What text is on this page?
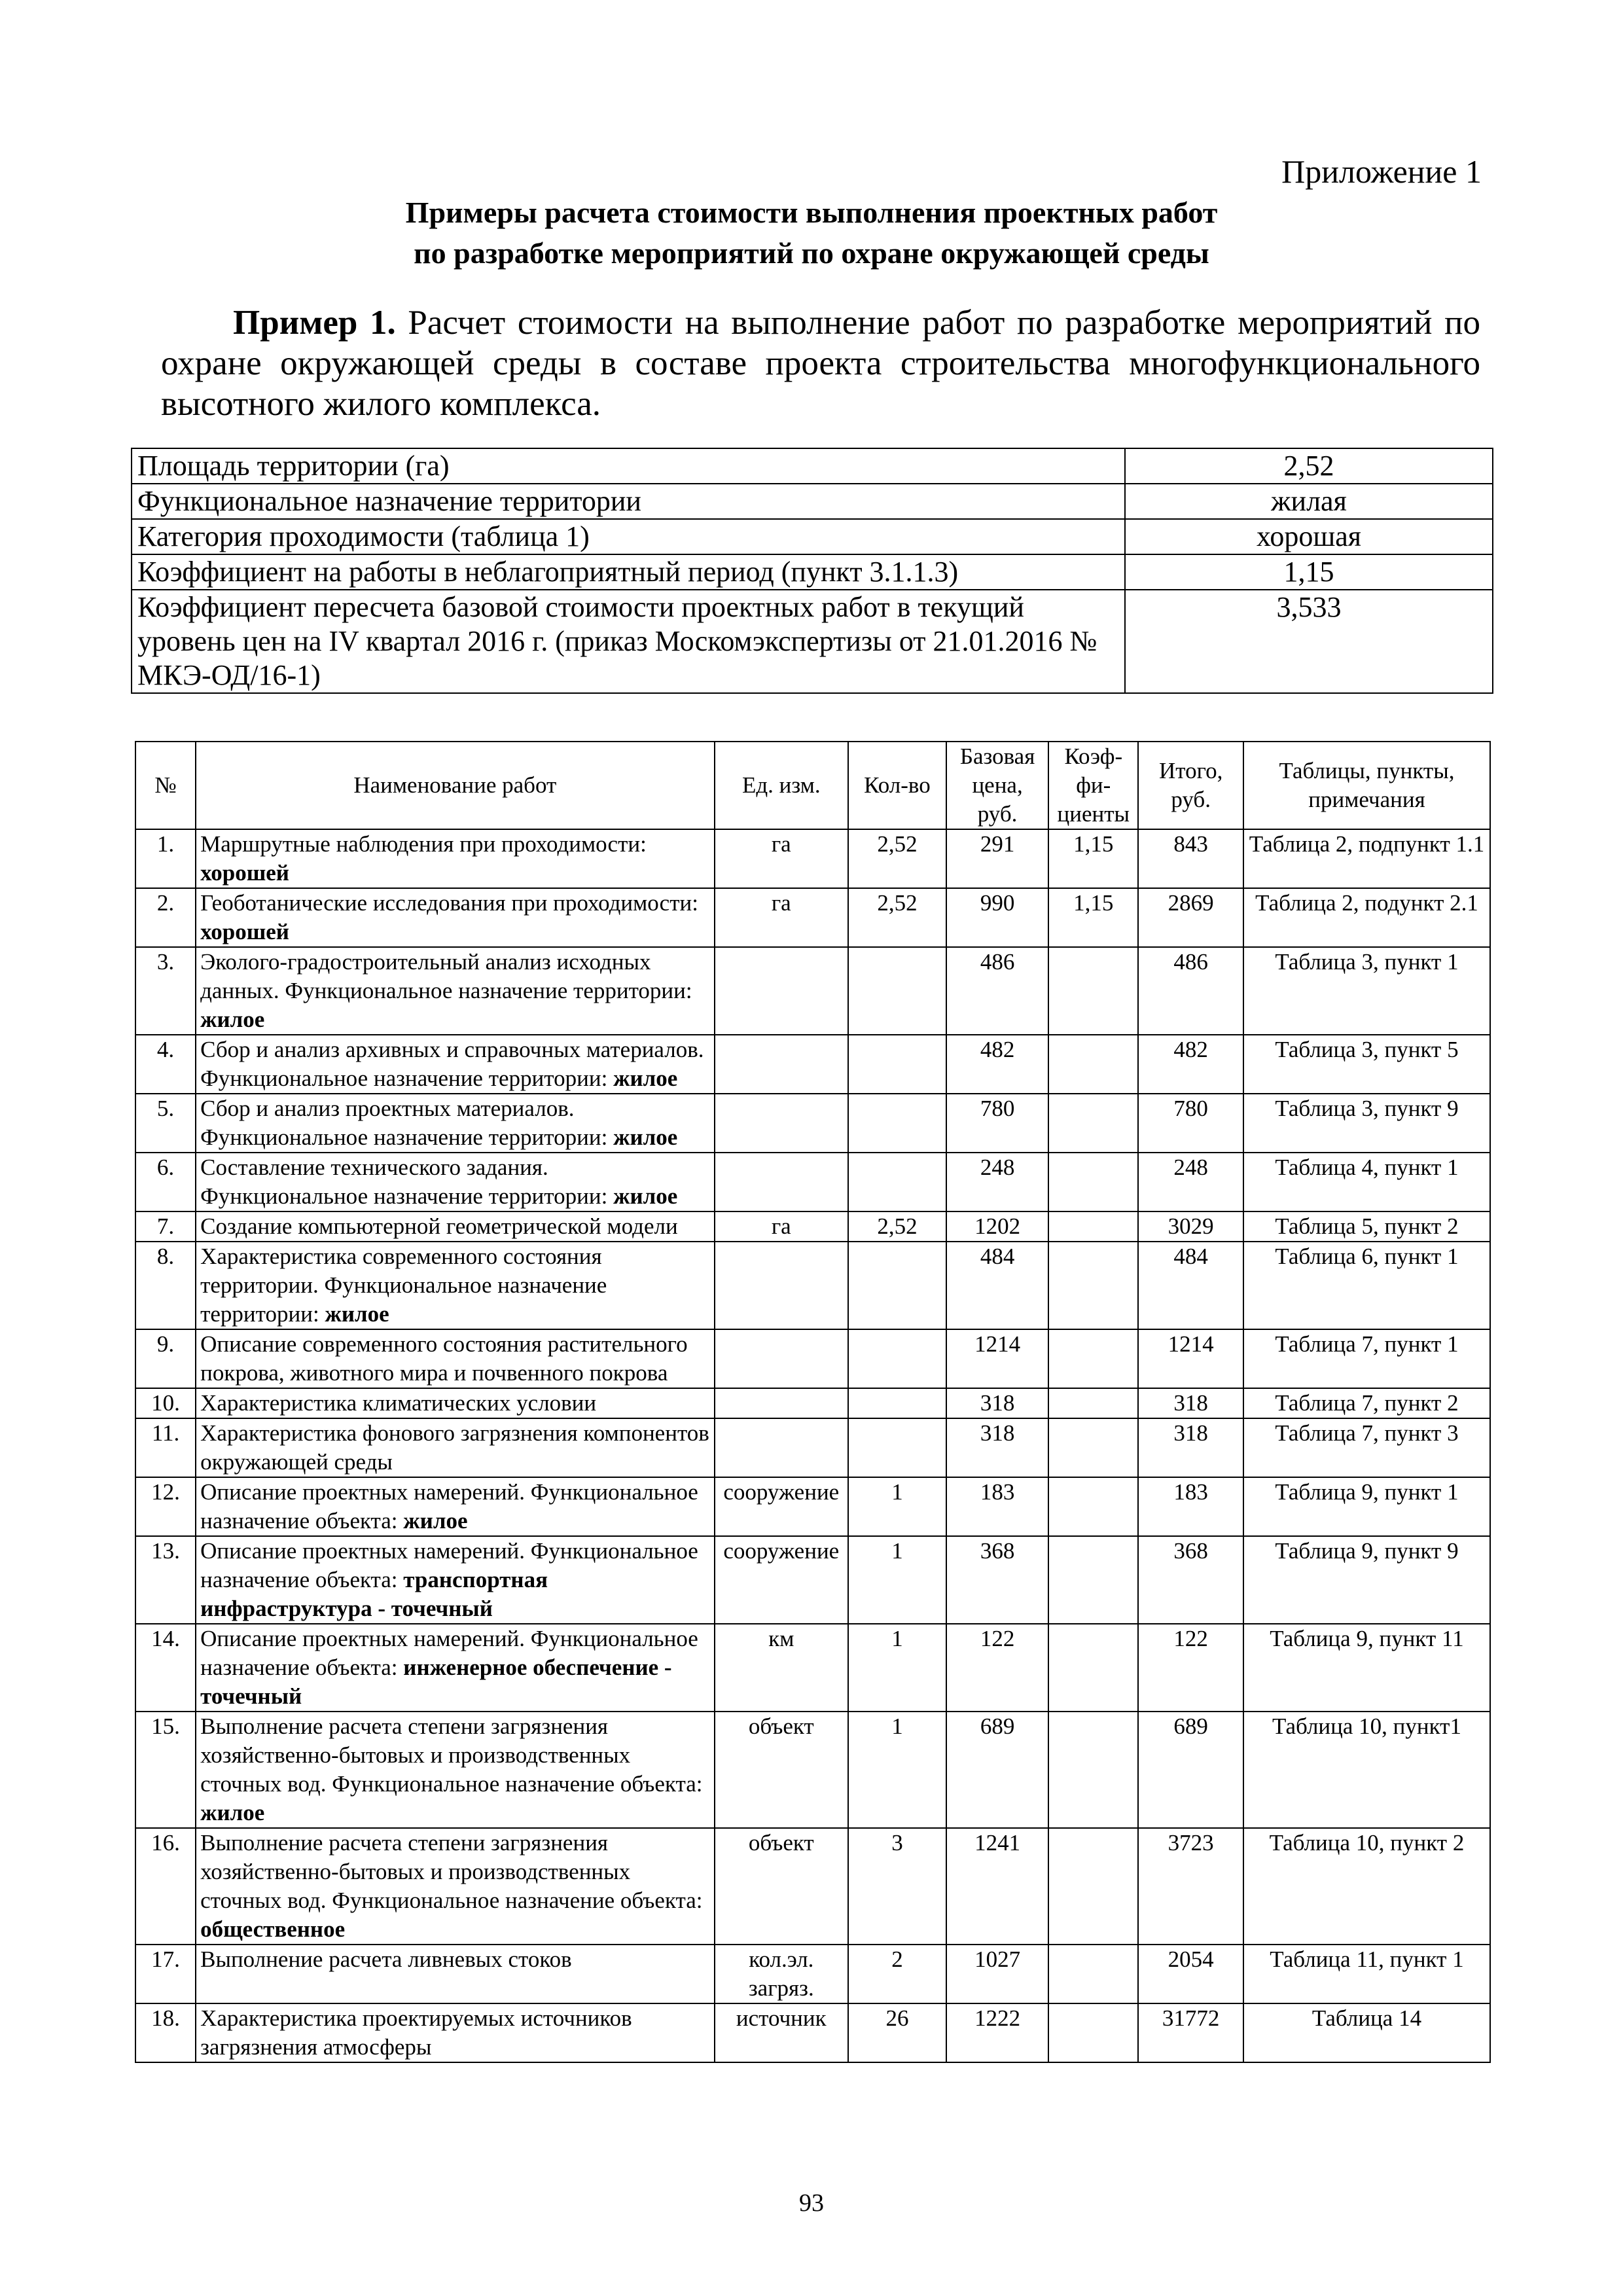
Приложение 1
Примеры расчета стоимости выполнения проектных работ
по разработке мероприятий по охране окружающей среды
Пример 1. Расчет стоимости на выполнение работ по разработке мероприятий по охране окружающей среды в составе проекта строительства многофункционального высотного жилого комплекса.
Площадь территории (га)	2,52
Функциональное назначение территории	жилая
Категория проходимости (таблица 1)	хорошая
Коэффициент на работы в неблагоприятный период (пункт 3.1.1.3)	1,15
Коэффициент пересчета базовой стоимости проектных работ в текущий уровень цен на IV квартал 2016 г. (приказ Москомэкспертизы от 21.01.2016 № МКЭ-ОД/16-1)	3,533
№	Наименование работ	Ед. изм.	Кол-во	Базовая цена, руб.	Коэф-фи-циенты	Итого, руб.	Таблицы, пункты, примечания
1.	Маршрутные наблюдения при проходимости: хорошей	га	2,52	291	1,15	843	Таблица 2, подпункт 1.1
2.	Геоботанические исследования при проходимости: хорошей	га	2,52	990	1,15	2869	Таблица 2, подункт 2.1
3.	Эколого-градостроительный анализ исходных данных. Функциональное назначение территории: жилое			486		486	Таблица 3, пункт 1
4.	Сбор и анализ архивных и справочных материалов. Функциональное назначение территории: жилое			482		482	Таблица 3, пункт 5
5.	Сбор и анализ проектных материалов. Функциональное назначение территории: жилое			780		780	Таблица 3, пункт 9
6.	Составление технического задания. Функциональное назначение территории: жилое			248		248	Таблица 4, пункт 1
7.	Создание компьютерной геометрической модели	га	2,52	1202		3029	Таблица 5, пункт 2
8.	Характеристика современного состояния территории. Функциональное назначение территории: жилое			484		484	Таблица 6, пункт 1
9.	Описание современного состояния растительного покрова, животного мира и почвенного покрова			1214		1214	Таблица 7, пункт 1
10.	Характеристика климатических условии			318		318	Таблица 7, пункт 2
11.	Характеристика фонового загрязнения компонентов окружающей среды			318		318	Таблица 7, пункт 3
12.	Описание проектных намерений. Функциональное назначение объекта: жилое	сооружение	1	183		183	Таблица 9, пункт 1
13.	Описание проектных намерений. Функциональное назначение объекта: транспортная инфраструктура - точечный	сооружение	1	368		368	Таблица 9, пункт 9
14.	Описание проектных намерений. Функциональное назначение объекта: инженерное обеспечение - точечный	км	1	122		122	Таблица 9, пункт 11
15.	Выполнение расчета степени загрязнения хозяйственно-бытовых и производственных сточных вод. Функциональное назначение объекта: жилое	объект	1	689		689	Таблица 10, пункт1
16.	Выполнение расчета степени загрязнения хозяйственно-бытовых и производственных сточных вод. Функциональное назначение объекта: общественное	объект	3	1241		3723	Таблица 10, пункт 2
17.	Выполнение расчета ливневых стоков	кол.эл. загряз.	2	1027		2054	Таблица 11, пункт 1
18.	Характеристика проектируемых источников загрязнения атмосферы	источник	26	1222		31772	Таблица 14
93
